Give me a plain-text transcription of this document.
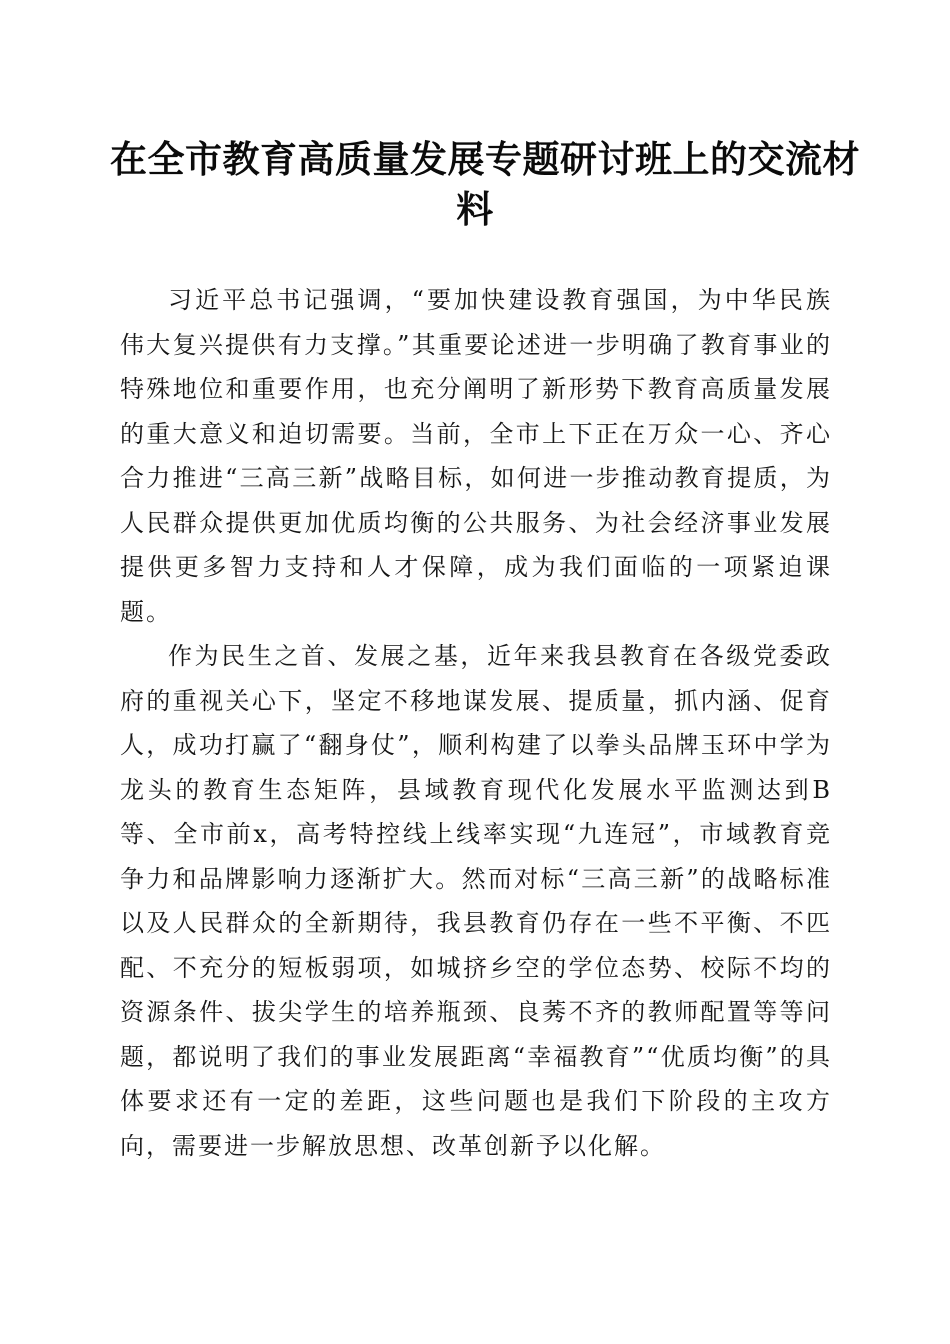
在全市教育高质量发展专题研讨班上的交流材
料

习近平总书记强调，“要加快建设教育强国，为中华民族伟大复兴提供有力支撑。”其重要论述进一步明确了教育事业的特殊地位和重要作用，也充分阐明了新形势下教育高质量发展的重大意义和迫切需要。当前，全市上下正在万众一心、齐心合力推进“三高三新”战略目标，如何进一步推动教育提质，为人民群众提供更加优质均衡的公共服务、为社会经济事业发展提供更多智力支持和人才保障，成为我们面临的一项紧迫课题。

作为民生之首、发展之基，近年来我县教育在各级党委政府的重视关心下，坚定不移地谋发展、提质量，抓内涵、促育人，成功打赢了“翻身仗”，顺利构建了以拳头品牌玉环中学为龙头的教育生态矩阵，县域教育现代化发展水平监测达到B等、全市前x，高考特控线上线率实现“九连冠”，市域教育竞争力和品牌影响力逐渐扩大。然而对标“三高三新”的战略标准以及人民群众的全新期待，我县教育仍存在一些不平衡、不匹配、不充分的短板弱项，如城挤乡空的学位态势、校际不均的资源条件、拔尖学生的培养瓶颈、良莠不齐的教师配置等等问题，都说明了我们的事业发展距离“幸福教育”“优质均衡”的具体要求还有一定的差距，这些问题也是我们下阶段的主攻方向，需要进一步解放思想、改革创新予以化解。
